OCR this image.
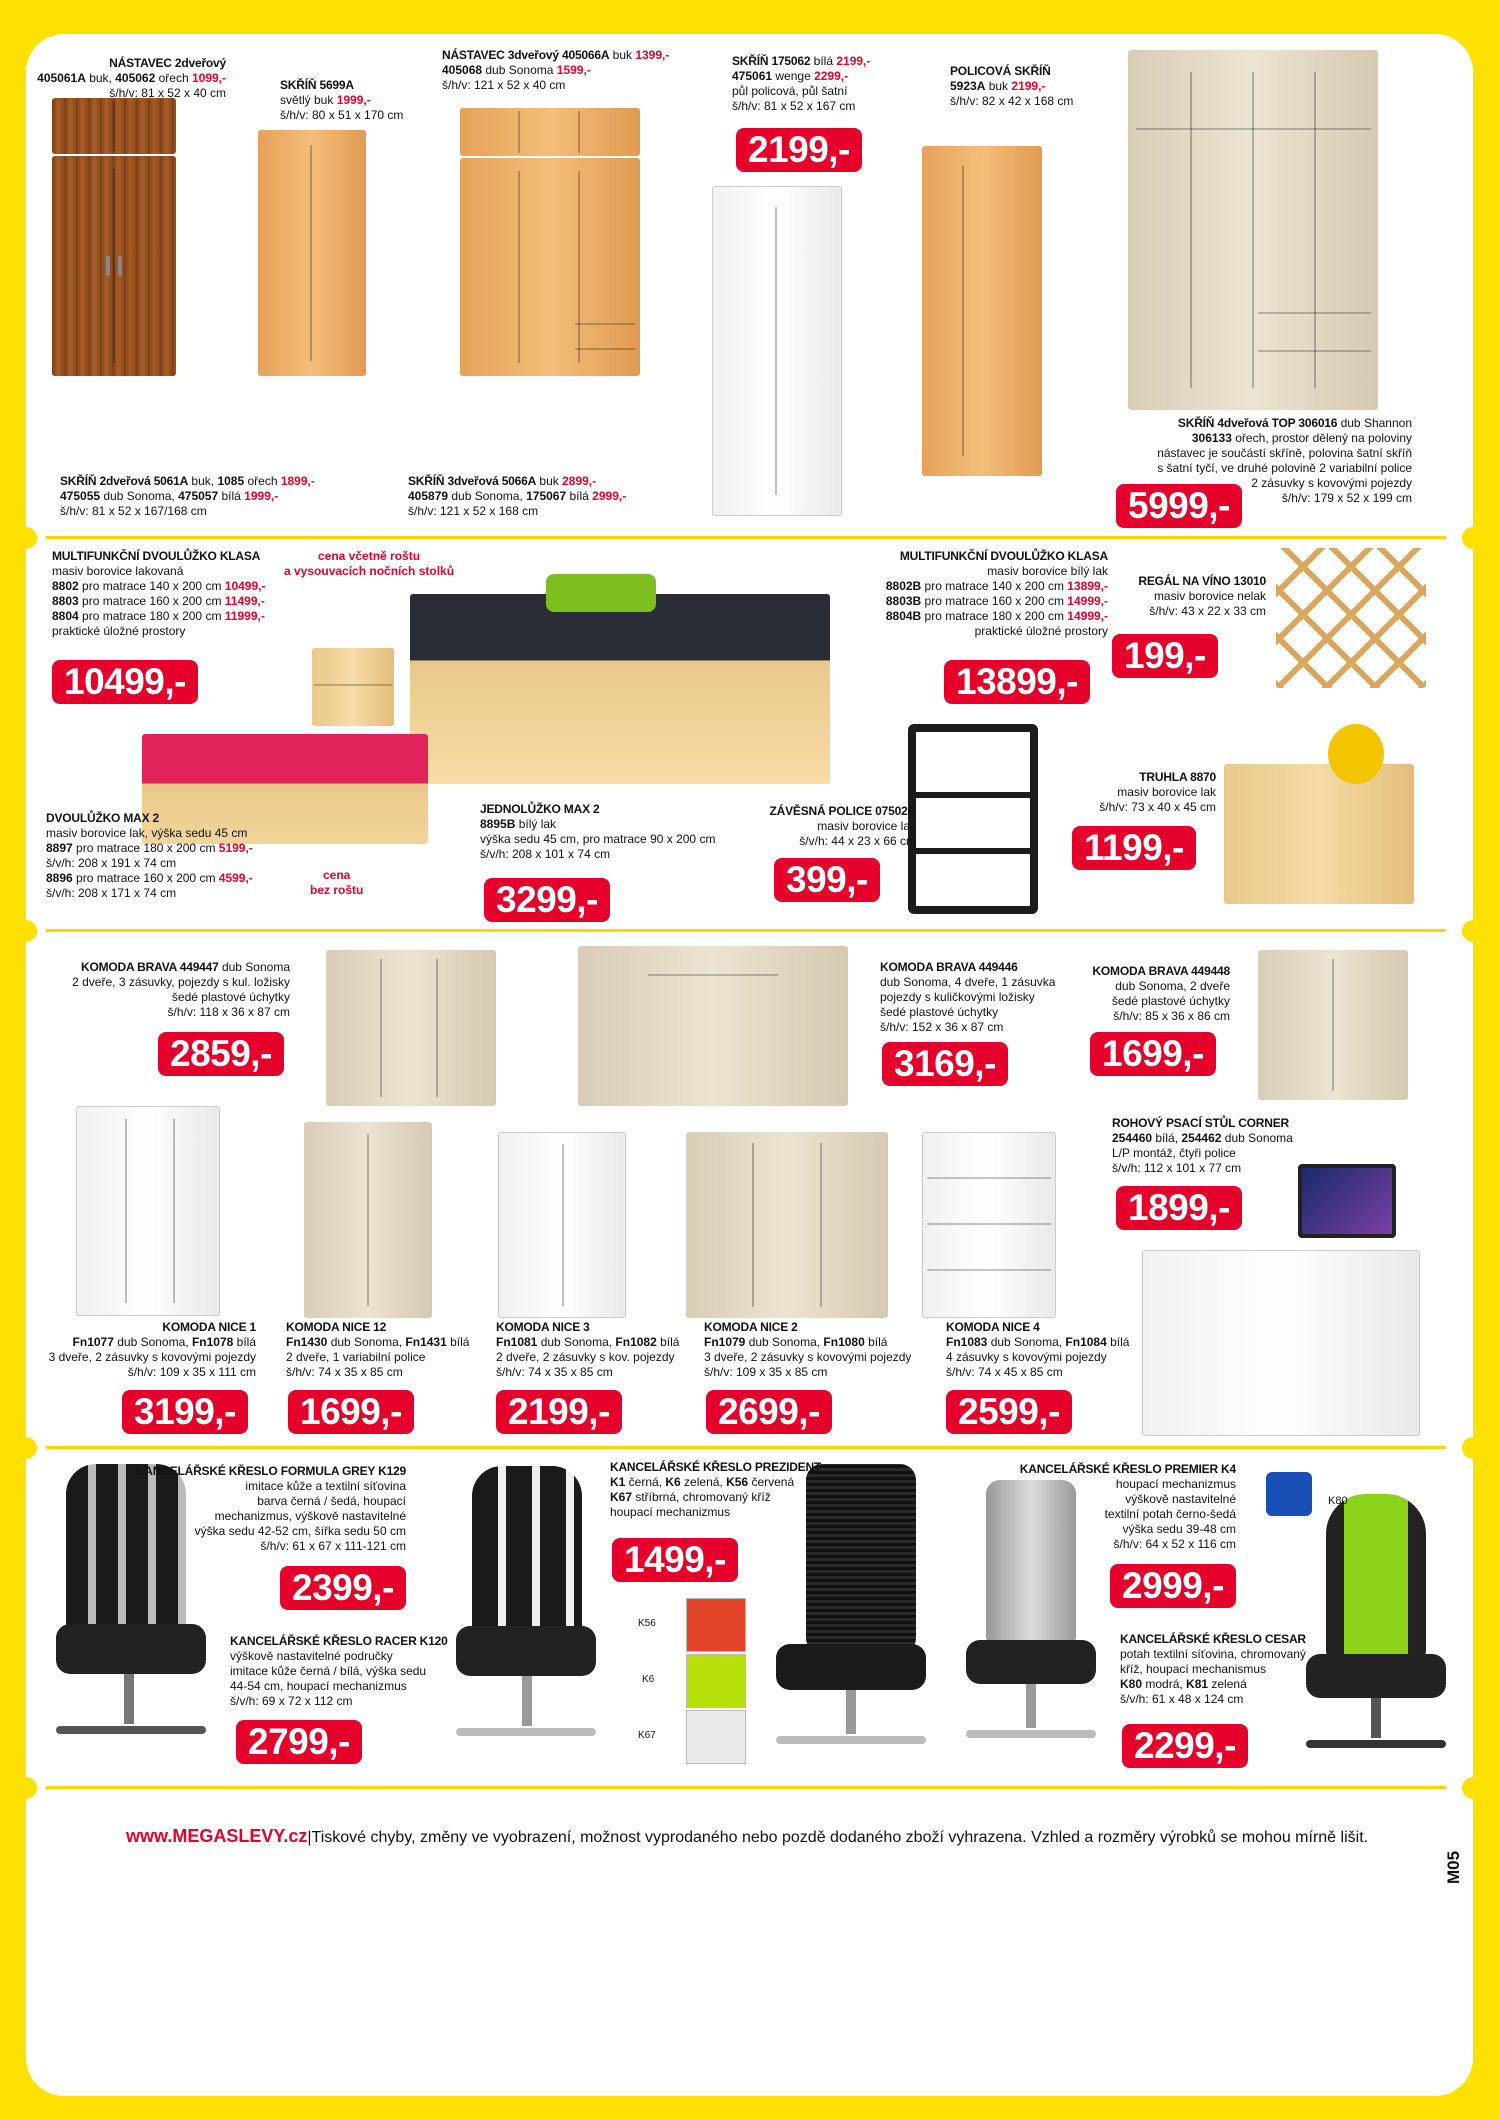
NÁSTAVEC 2dveřový
405061A buk, 405062 ořech 1099,-
š/h/v: 81 x 52 x 40 cm
SKŘÍŇ 5699A
světlý buk 1999,-
š/h/v: 80 x 51 x 170 cm
NÁSTAVEC 3dveřový 405066A buk 1399,-
405068 dub Sonoma 1599,-
š/h/v: 121 x 52 x 40 cm
SKŘÍŇ 175062 bílá 2199,-
475061 wenge 2299,-
půl policová, půl šatní
š/h/v: 81 x 52 x 167 cm
2199,-
POLICOVÁ SKŘÍŇ
5923A buk 2199,-
š/h/v: 82 x 42 x 168 cm
SKŘÍŇ 2dveřová 5061A buk, 1085 ořech 1899,-
475055 dub Sonoma, 475057 bílá 1999,-
š/h/v: 81 x 52 x 167/168 cm
SKŘÍŇ 3dveřová 5066A buk 2899,-
405879 dub Sonoma, 175067 bílá 2999,-
š/h/v: 121 x 52 x 168 cm
SKŘÍŇ 4dveřová TOP 306016 dub Shannon
306133 ořech, prostor dělený na poloviny
nástavec je součástí skříně, polovina šatní skříň
s šatní tyčí, ve druhé polovině 2 variabilní police
2 zásuvky s kovovými pojezdy
š/h/v: 179 x 52 x 199 cm
5999,-
MULTIFUNKČNÍ DVOULŮŽKO KLASA
masiv borovice lakovaná
8802 pro matrace 140 x 200 cm 10499,-
8803 pro matrace 160 x 200 cm 11499,-
8804 pro matrace 180 x 200 cm 11999,-
praktické úložné prostory
10499,-
cena včetně roštu
a vysouvacích nočních stolků
MULTIFUNKČNÍ DVOULŮŽKO KLASA
masiv borovice bílý lak
8802B pro matrace 140 x 200 cm 13899,-
8803B pro matrace 160 x 200 cm 14999,-
8804B pro matrace 180 x 200 cm 14999,-
praktické úložné prostory
13899,-
REGÁL NA VÍNO 13010
masiv borovice nelak
š/h/v: 43 x 22 x 33 cm
199,-
DVOULŮŽKO MAX 2
masiv borovice lak, výška sedu 45 cm
8897 pro matrace 180 x 200 cm 5199,-
š/v/h: 208 x 191 x 74 cm
8896 pro matrace 160 x 200 cm 4599,-
š/v/h: 208 x 171 x 74 cm
cena
bez roštu
JEDNOLŮŽKO MAX 2
8895B bílý lak
výška sedu 45 cm, pro matrace 90 x 200 cm
š/v/h: 208 x 101 x 74 cm
3299,-
ZÁVĚSNÁ POLICE 07502C
masiv borovice lak
š/v/h: 44 x 23 x 66 cm
399,-
TRUHLA 8870
masiv borovice lak
š/h/v: 73 x 40 x 45 cm
1199,-
KOMODA BRAVA 449447 dub Sonoma
2 dveře, 3 zásuvky, pojezdy s kul. ložisky
šedé plastové úchytky
š/h/v: 118 x 36 x 87 cm
2859,-
KOMODA BRAVA 449446
dub Sonoma, 4 dveře, 1 zásuvka
pojezdy s kuličkovými ložisky
šedé plastové úchytky
š/h/v: 152 x 36 x 87 cm
3169,-
KOMODA BRAVA 449448
dub Sonoma, 2 dveře
šedé plastové úchytky
š/h/v: 85 x 36 x 86 cm
1699,-
ROHOVÝ PSACÍ STŮL CORNER
254460 bílá, 254462 dub Sonoma
L/P montáž, čtyři police
š/v/h: 112 x 101 x 77 cm
1899,-
KOMODA NICE 1
Fn1077 dub Sonoma, Fn1078 bílá
3 dveře, 2 zásuvky s kovovými pojezdy
š/h/v: 109 x 35 x 111 cm
3199,-
KOMODA NICE 12
Fn1430 dub Sonoma, Fn1431 bílá
2 dveře, 1 variabilní police
š/h/v: 74 x 35 x 85 cm
1699,-
KOMODA NICE 3
Fn1081 dub Sonoma, Fn1082 bílá
2 dveře, 2 zásuvky s kov. pojezdy
š/h/v: 74 x 35 x 85 cm
2199,-
KOMODA NICE 2
Fn1079 dub Sonoma, Fn1080 bílá
3 dveře, 2 zásuvky s kovovými pojezdy
š/h/v: 109 x 35 x 85 cm
2699,-
KOMODA NICE 4
Fn1083 dub Sonoma, Fn1084 bílá
4 zásuvky s kovovými pojezdy
š/h/v: 74 x 45 x 85 cm
2599,-
K80
KANCELÁŘSKÉ KŘESLO FORMULA GREY K129
imitace kůže a textilní síťovina
barva černá / šedá, houpací
mechanizmus, výškově nastavitelné
výška sedu 42-52 cm, šířka sedu 50 cm
š/h/v: 61 x 67 x 111-121 cm
2399,-
KANCELÁŘSKÉ KŘESLO RACER K120
výškově nastavitelné područky
imitace kůže černá / bílá, výška sedu
44-54 cm, houpací mechanizmus
š/v/h: 69 x 72 x 112 cm
2799,-
KANCELÁŘSKÉ KŘESLO PREZIDENT
K1 černá, K6 zelená, K56 červená
K67 stříbrná, chromovaný kříž
houpací mechanizmus
1499,-
K56
K6
K67
KANCELÁŘSKÉ KŘESLO PREMIER K4
houpací mechanizmus
výškově nastavitelné
textilní potah černo-šedá
výška sedu 39-48 cm
š/h/v: 64 x 52 x 116 cm
2999,-
KANCELÁŘSKÉ KŘESLO CESAR
potah textilní síťovina, chromovaný
kříž, houpací mechanismus
K80 modrá, K81 zelená
š/v/h: 61 x 48 x 124 cm
2299,-
www.MEGASLEVY.cz|Tiskové chyby, změny ve vyobrazení, možnost vyprodaného nebo pozdě dodaného zboží vyhrazena. Vzhled a rozměry výrobků se mohou mírně lišit.
M05
